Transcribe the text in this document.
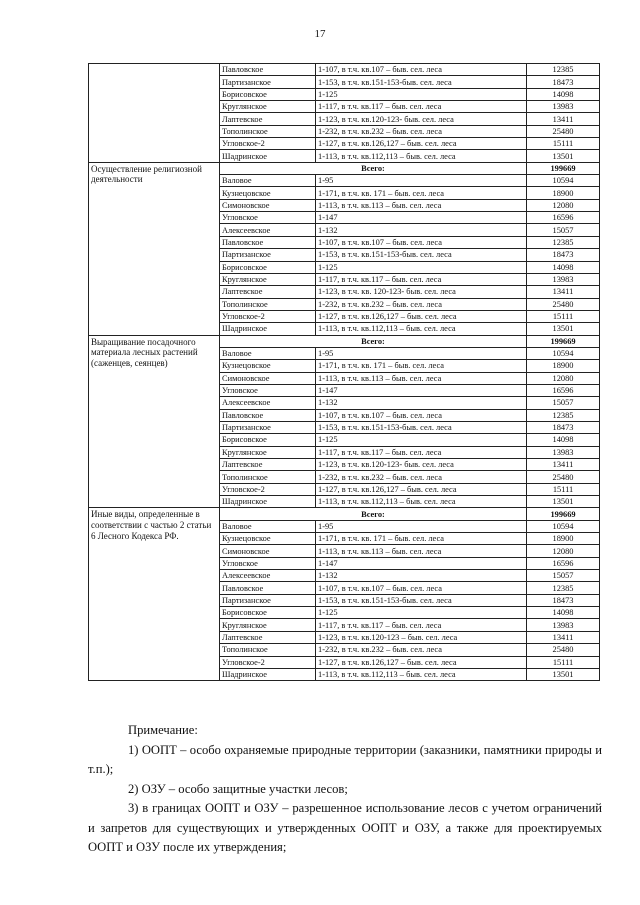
17
	Павловское	1-107, в т.ч. кв.107 – быв. сел. леса	12385
	Партизанское	1-153, в т.ч. кв.151-153-быв. сел. леса	18473
	Борисовское	1-125	14098
	Круглянское	1-117, в т.ч. кв.117 – быв. сел. леса	13983
	Лаптевское	1-123, в т.ч. кв.120-123- быв. сел. леса	13411
	Тополинское	1-232, в т.ч. кв.232 – быв. сел. леса	25480
	Угловское-2	1-127, в т.ч. кв.126,127 – быв. сел. леса	15111
	Шадринское	1-113, в т.ч. кв.112,113 – быв. сел. леса	13501
Осуществление религиозной деятельности	Всего:		199669
	Валовое	1-95	10594
	Кузнецовское	1-171, в т.ч. кв. 171 – быв. сел. леса	18900
	Симоновское	1-113, в т.ч. кв.113 – быв. сел. леса	12080
	Угловское	1-147	16596
	Алексеевское	1-132	15057
	Павловское	1-107, в т.ч. кв.107 – быв. сел. леса	12385
	Партизанское	1-153, в т.ч. кв.151-153-быв. сел. леса	18473
	Борисовское	1-125	14098
	Круглянское	1-117, в т.ч. кв.117 – быв. сел. леса	13983
	Лаптевское	1-123, в т.ч. кв. 120-123- быв. сел. леса	13411
	Тополинское	1-232, в т.ч. кв.232 – быв. сел. леса	25480
	Угловское-2	1-127, в т.ч. кв.126,127 – быв. сел. леса	15111
	Шадринское	1-113, в т.ч. кв.112,113 – быв. сел. леса	13501
Выращивание посадочного материала лесных растений (саженцев, сеянцев)	Всего:		199669
	Валовое	1-95	10594
	Кузнецовское	1-171, в т.ч. кв. 171 – быв. сел. леса	18900
	Симоновское	1-113, в т.ч. кв.113 – быв. сел. леса	12080
	Угловское	1-147	16596
	Алексеевское	1-132	15057
	Павловское	1-107, в т.ч. кв.107 – быв. сел. леса	12385
	Партизанское	1-153, в т.ч. кв.151-153-быв. сел. леса	18473
	Борисовское	1-125	14098
	Круглянское	1-117, в т.ч. кв.117 – быв. сел. леса	13983
	Лаптевское	1-123, в т.ч. кв.120-123- быв. сел. леса	13411
	Тополинское	1-232, в т.ч. кв.232 – быв. сел. леса	25480
	Угловское-2	1-127, в т.ч. кв.126,127 – быв. сел. леса	15111
	Шадринское	1-113, в т.ч. кв.112,113 – быв. сел. леса	13501
Иные виды, определенные в соответствии с частью 2 статьи 6 Лесного Кодекса РФ.	Всего:		199669
	Валовое	1-95	10594
	Кузнецовское	1-171, в т.ч. кв. 171 – быв. сел. леса	18900
	Симоновское	1-113, в т.ч. кв.113 – быв. сел. леса	12080
	Угловское	1-147	16596
	Алексеевское	1-132	15057
	Павловское	1-107, в т.ч. кв.107 – быв. сел. леса	12385
	Партизанское	1-153, в т.ч. кв.151-153-быв. сел. леса	18473
	Борисовское	1-125	14098
	Круглянское	1-117, в т.ч. кв.117 – быв. сел. леса	13983
	Лаптевское	1-123, в т.ч. кв.120-123 – быв. сел. леса	13411
	Тополинское	1-232, в т.ч. кв.232 – быв. сел. леса	25480
	Угловское-2	1-127, в т.ч. кв.126,127 – быв. сел. леса	15111
	Шадринское	1-113, в т.ч. кв.112,113 – быв. сел. леса	13501

Примечание:

1) ООПТ – особо охраняемые природные территории (заказники, памятники природы и т.п.);

2) ОЗУ – особо защитные участки лесов;

3) в границах ООПТ и ОЗУ – разрешенное использование лесов с учетом ограничений и запретов для существующих и утвержденных ООПТ и ОЗУ, а также для проектируемых ООПТ и ОЗУ после их утверждения;
